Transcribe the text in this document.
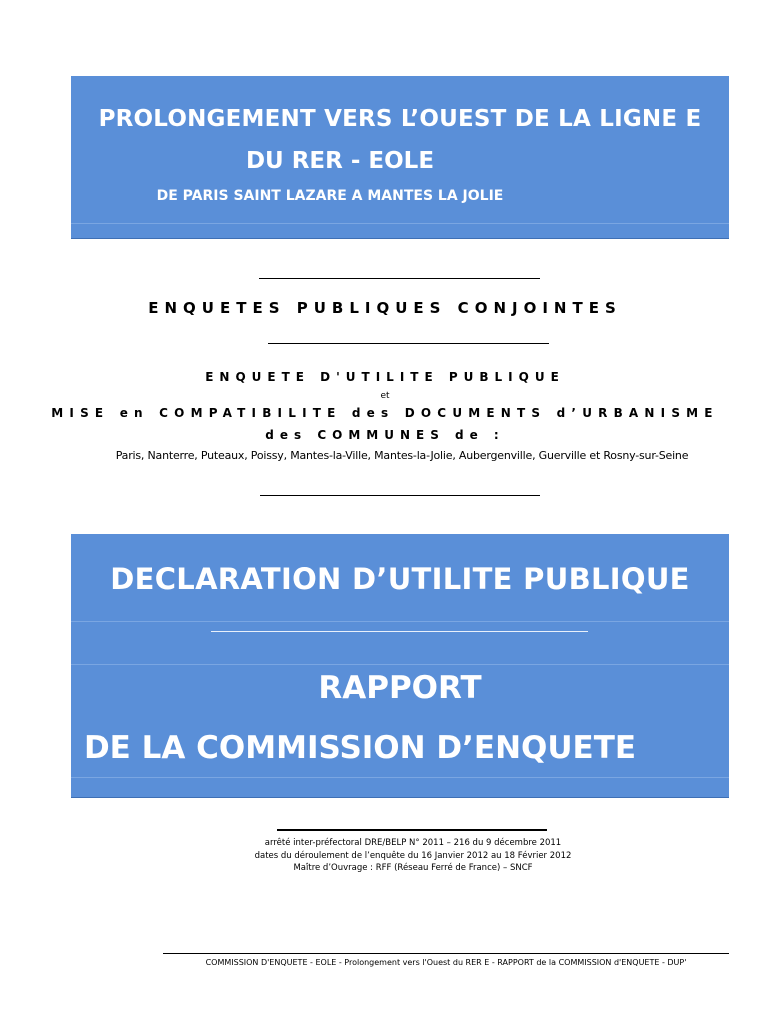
PROLONGEMENT VERS L’OUEST DE LA LIGNE E
DU RER - EOLE
DE PARIS SAINT LAZARE A MANTES LA JOLIE
ENQUETES PUBLIQUES CONJOINTES
ENQUETE D'UTILITE PUBLIQUE
et
MISE en COMPATIBILITE des DOCUMENTS d’URBANISME
des COMMUNES de :
Paris, Nanterre, Puteaux, Poissy, Mantes-la-Ville, Mantes-la-Jolie, Aubergenville, Guerville et Rosny-sur-Seine
DECLARATION D’UTILITE PUBLIQUE
RAPPORT
DE LA COMMISSION D’ENQUETE
arrêté inter-préfectoral DRE/BELP N° 2011 – 216 du 9 décembre 2011
dates du déroulement de l’enquête du 16 Janvier 2012 au 18 Février 2012
Maître d’Ouvrage : RFF (Réseau Ferré de France) – SNCF
COMMISSION D'ENQUETE - EOLE - Prolongement vers l'Ouest du RER E - RAPPORT de la COMMISSION d'ENQUETE - DUP'
